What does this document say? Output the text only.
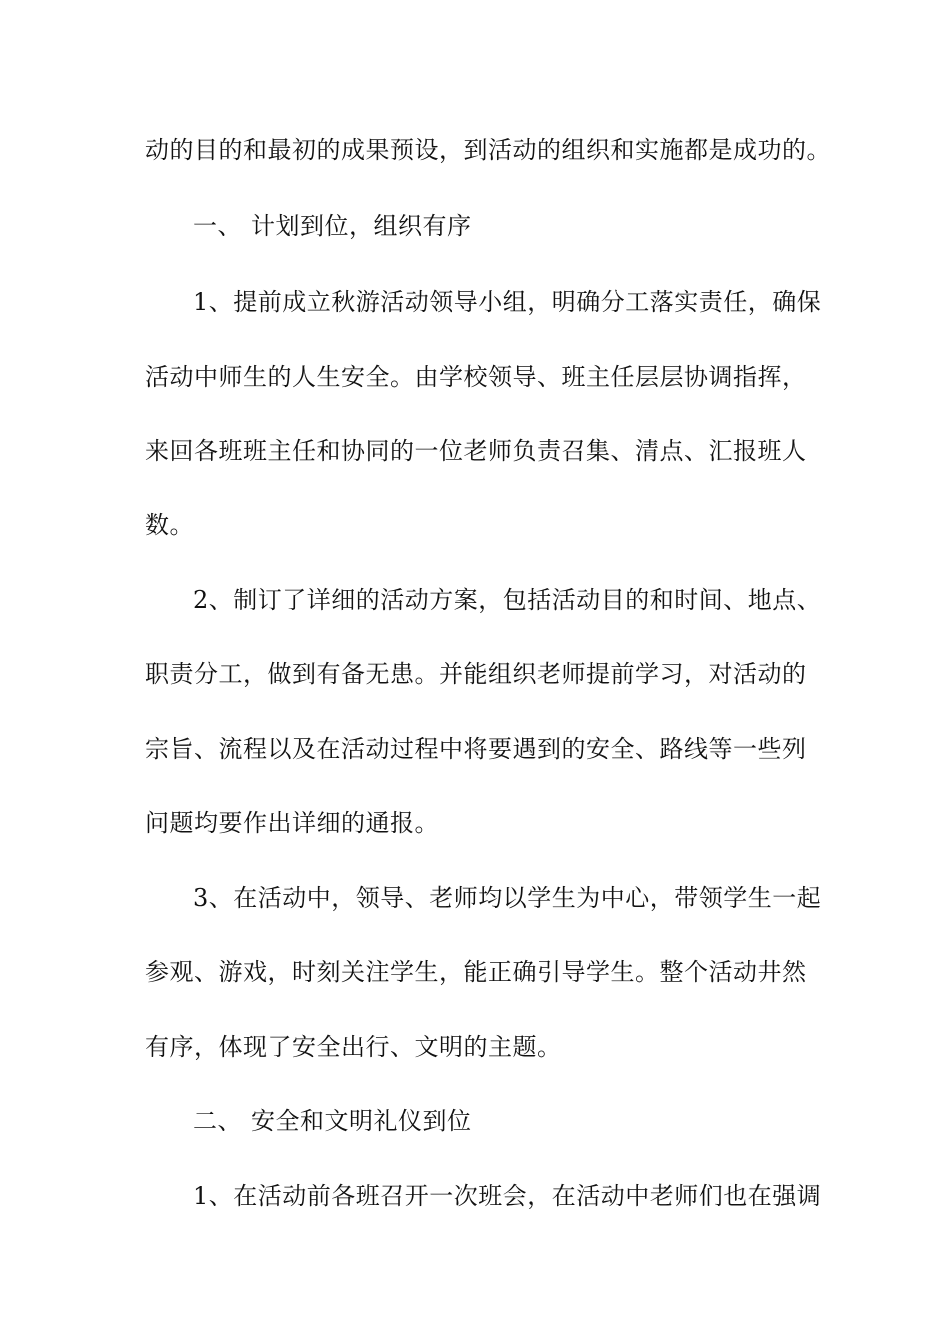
动的目的和最初的成果预设，到活动的组织和实施都是成功的。
一、 计划到位，组织有序
1、提前成立秋游活动领导小组，明确分工落实责任，确保
活动中师生的人生安全。由学校领导、班主任层层协调指挥，
来回各班班主任和协同的一位老师负责召集、清点、汇报班人
数。
2、制订了详细的活动方案，包括活动目的和时间、地点、
职责分工，做到有备无患。并能组织老师提前学习，对活动的
宗旨、流程以及在活动过程中将要遇到的安全、路线等一些列
问题均要作出详细的通报。
3、在活动中，领导、老师均以学生为中心，带领学生一起
参观、游戏，时刻关注学生，能正确引导学生。整个活动井然
有序，体现了安全出行、文明的主题。
二、 安全和文明礼仪到位
1、在活动前各班召开一次班会，在活动中老师们也在强调
